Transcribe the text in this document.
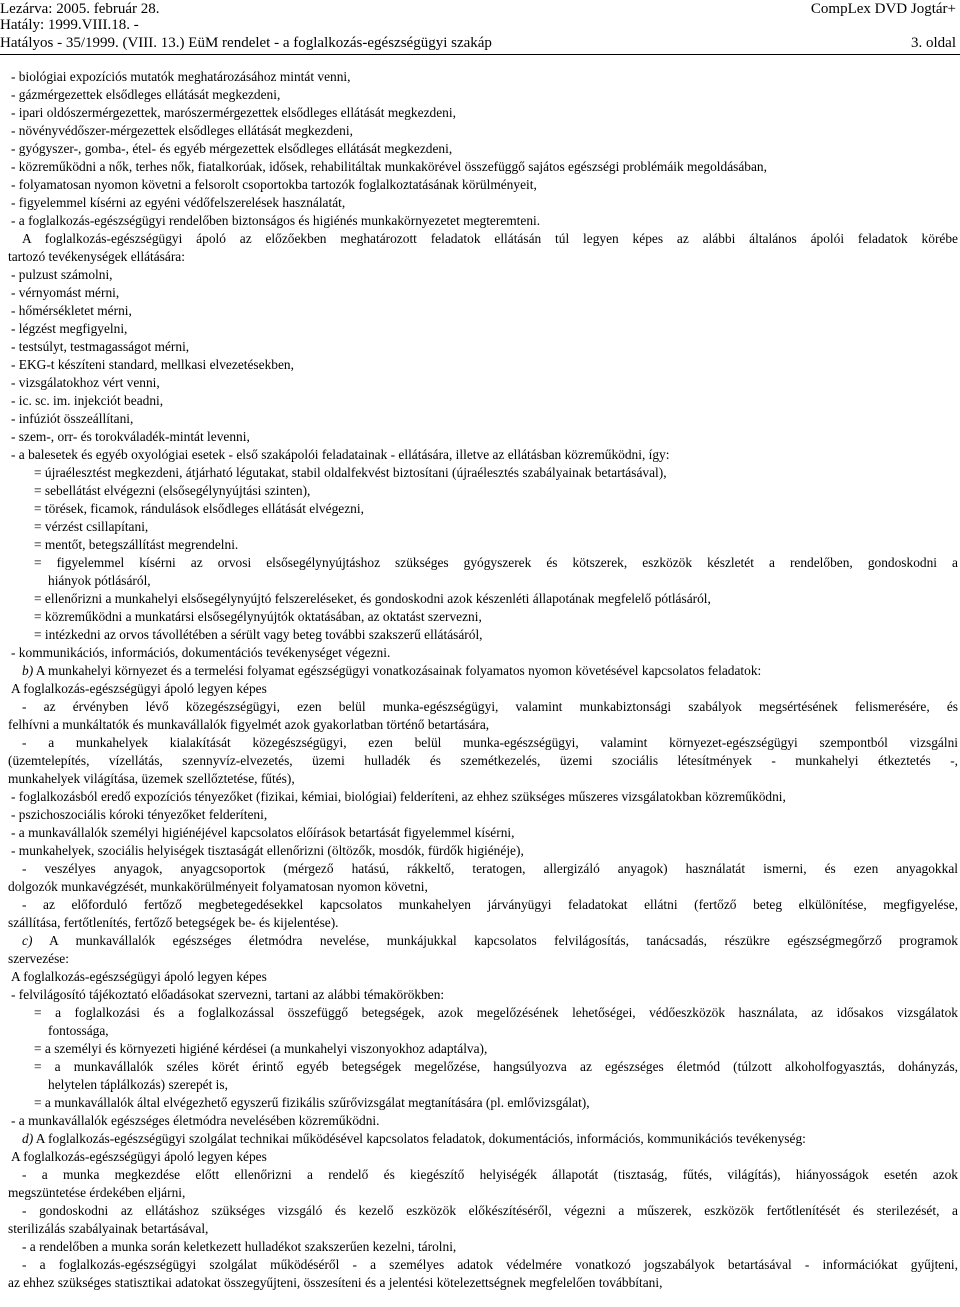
Lezárva: 2005. február 28.
Hatály: 1999.VIII.18. -
Hatályos - 35/1999. (VIII. 13.) EüM rendelet - a foglalkozás-egészségügyi szakáp
CompLex DVD Jogtár+
3. oldal
- biológiai expozíciós mutatók meghatározásához mintát venni,
- gázmérgezettek elsődleges ellátását megkezdeni,
- ipari oldószermérgezettek, marószermérgezettek elsődleges ellátását megkezdeni,
- növényvédőszer-mérgezettek elsődleges ellátását megkezdeni,
- gyógyszer-, gomba-, étel- és egyéb mérgezettek elsődleges ellátását megkezdeni,
- közreműködni a nők, terhes nők, fiatalkorúak, idősek, rehabilitáltak munkakörével összefüggő sajátos egészségi problémáik megoldásában,
- folyamatosan nyomon követni a felsorolt csoportokba tartozók foglalkoztatásának körülményeit,
- figyelemmel kísérni az egyéni védőfelszerelések használatát,
- a foglalkozás-egészségügyi rendelőben biztonságos és higiénés munkakörnyezetet megteremteni.
A foglalkozás-egészségügyi ápoló az előzőekben meghatározott feladatok ellátásán túl legyen képes az alábbi általános ápolói feladatok körébe
tartozó tevékenységek ellátására:
- pulzust számolni,
- vérnyomást mérni,
- hőmérsékletet mérni,
- légzést megfigyelni,
- testsúlyt, testmagasságot mérni,
- EKG-t készíteni standard, mellkasi elvezetésekben,
- vizsgálatokhoz vért venni,
- ic. sc. im. injekciót beadni,
- infúziót összeállítani,
- szem-, orr- és torokváladék-mintát levenni,
- a balesetek és egyéb oxyológiai esetek - első szakápolói feladatainak - ellátására, illetve az ellátásban közreműködni, így:
= újraélesztést megkezdeni, átjárható légutakat, stabil oldalfekvést biztosítani (újraélesztés szabályainak betartásával),
= sebellátást elvégezni (elsősegélynyújtási szinten),
= törések, ficamok, rándulások elsődleges ellátását elvégezni,
= vérzést csillapítani,
= mentőt, betegszállítást megrendelni.
= figyelemmel kísérni az orvosi elsősegélynyújtáshoz szükséges gyógyszerek és kötszerek, eszközök készletét a rendelőben, gondoskodni a
hiányok pótlásáról,
= ellenőrizni a munkahelyi elsősegélynyújtó felszereléseket, és gondoskodni azok készenléti állapotának megfelelő pótlásáról,
= közreműködni a munkatársi elsősegélynyújtók oktatásában, az oktatást szervezni,
= intézkedni az orvos távollétében a sérült vagy beteg további szakszerű ellátásáról,
- kommunikációs, információs, dokumentációs tevékenységet végezni.
b) A munkahelyi környezet és a termelési folyamat egészségügyi vonatkozásainak folyamatos nyomon követésével kapcsolatos feladatok:
A foglalkozás-egészségügyi ápoló legyen képes
- az érvényben lévő közegészségügyi, ezen belül munka-egészségügyi, valamint munkabiztonsági szabályok megsértésének felismerésére, és
felhívni a munkáltatók és munkavállalók figyelmét azok gyakorlatban történő betartására,
- a munkahelyek kialakítását közegészségügyi, ezen belül munka-egészségügyi, valamint környezet-egészségügyi szempontból vizsgálni
(üzemtelepítés, vízellátás, szennyvíz-elvezetés, üzemi hulladék és szemétkezelés, üzemi szociális létesítmények - munkahelyi étkeztetés -,
munkahelyek világítása, üzemek szellőztetése, fűtés),
- foglalkozásból eredő expozíciós tényezőket (fizikai, kémiai, biológiai) felderíteni, az ehhez szükséges műszeres vizsgálatokban közreműködni,
- pszichoszociális kóroki tényezőket felderíteni,
- a munkavállalók személyi higiénéjével kapcsolatos előírások betartását figyelemmel kísérni,
- munkahelyek, szociális helyiségek tisztaságát ellenőrizni (öltözők, mosdók, fürdők higiénéje),
- veszélyes anyagok, anyagcsoportok (mérgező hatású, rákkeltő, teratogen, allergizáló anyagok) használatát ismerni, és ezen anyagokkal
dolgozók munkavégzését, munkakörülményeit folyamatosan nyomon követni,
- az előforduló fertőző megbetegedésekkel kapcsolatos munkahelyen járványügyi feladatokat ellátni (fertőző beteg elkülönítése, megfigyelése,
szállítása, fertőtlenítés, fertőző betegségek be- és kijelentése).
c) A munkavállalók egészséges életmódra nevelése, munkájukkal kapcsolatos felvilágosítás, tanácsadás, részükre egészségmegőrző programok
szervezése:
A foglalkozás-egészségügyi ápoló legyen képes
- felvilágosító tájékoztató előadásokat szervezni, tartani az alábbi témakörökben:
= a foglalkozási és a foglalkozással összefüggő betegségek, azok megelőzésének lehetőségei, védőeszközök használata, az idősakos vizsgálatok
fontossága,
= a személyi és környezeti higiéné kérdései (a munkahelyi viszonyokhoz adaptálva),
= a munkavállalók széles körét érintő egyéb betegségek megelőzése, hangsúlyozva az egészséges életmód (túlzott alkoholfogyasztás, dohányzás,
helytelen táplálkozás) szerepét is,
= a munkavállalók által elvégezhető egyszerű fizikális szűrővizsgálat megtanítására (pl. emlővizsgálat),
- a munkavállalók egészséges életmódra nevelésében közreműködni.
d) A foglalkozás-egészségügyi szolgálat technikai működésével kapcsolatos feladatok, dokumentációs, információs, kommunikációs tevékenység:
A foglalkozás-egészségügyi ápoló legyen képes
- a munka megkezdése előtt ellenőrizni a rendelő és kiegészítő helyiségék állapotát (tisztaság, fűtés, világítás), hiányosságok esetén azok
megszüntetése érdekében eljárni,
- gondoskodni az ellátáshoz szükséges vizsgáló és kezelő eszközök előkészítéséről, végezni a műszerek, eszközök fertőtlenítését és sterilezését, a
sterilizálás szabályainak betartásával,
- a rendelőben a munka során keletkezett hulladékot szakszerűen kezelni, tárolni,
- a foglalkozás-egészségügyi szolgálat működéséről - a személyes adatok védelmére vonatkozó jogszabályok betartásával - információkat gyűjteni,
az ehhez szükséges statisztikai adatokat összegyűjteni, összesíteni és a jelentési kötelezettségnek megfelelően továbbítani,
